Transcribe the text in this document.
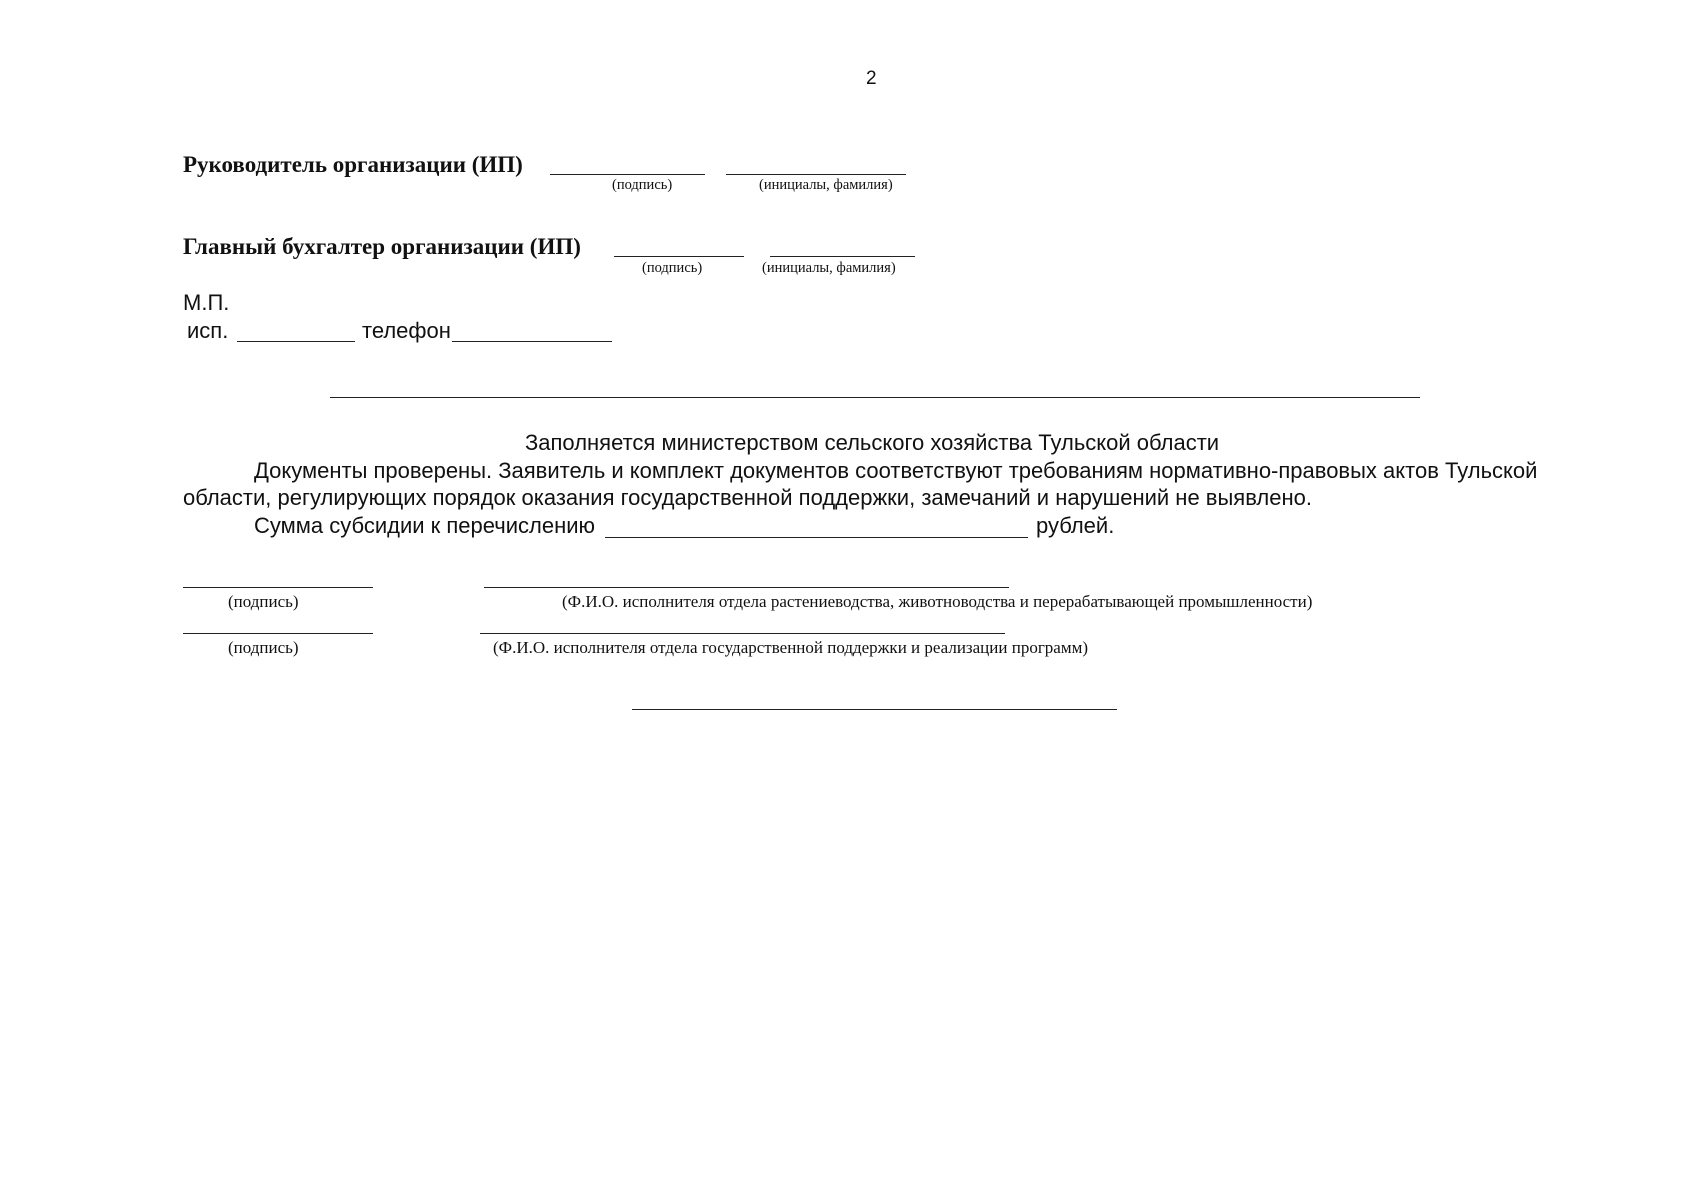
2
Руководитель организации (ИП)
(подпись)	(инициалы, фамилия)
Главный бухгалтер организации (ИП)
(подпись)	(инициалы, фамилия)
М.П.
исп.	телефон
Заполняется министерством сельского хозяйства Тульской области
Документы проверены. Заявитель и комплект документов соответствуют требованиям нормативно-правовых актов Тульской
области, регулирующих порядок оказания государственной поддержки, замечаний и нарушений не выявлено.
Сумма субсидии к перечислению	рублей.
(подпись)	(Ф.И.О. исполнителя отдела растениеводства, животноводства и перерабатывающей промышленности)
(подпись)	(Ф.И.О. исполнителя отдела государственной поддержки и реализации программ)
